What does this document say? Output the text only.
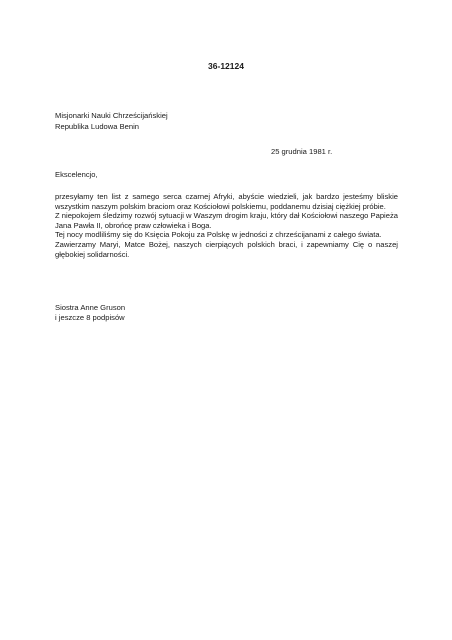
36-12124
Misjonarki Nauki Chrześcijańskiej
Republika Ludowa Benin
25 grudnia 1981 r.
Ekscelencjo,

przesyłamy ten list z samego serca czarnej Afryki, abyście wiedzieli, jak bardzo jesteśmy bliskie wszystkim naszym polskim braciom oraz Kościołowi polskiemu, poddanemu dzisiaj ciężkiej próbie.

Z niepokojem śledzimy rozwój sytuacji w Waszym drogim kraju, który dał Kościołowi naszego Papieża Jana Pawła II, obrońcę praw człowieka i Boga.

Tej nocy modliliśmy się do Księcia Pokoju za Polskę w jedności z chrześcijanami z całego świata.

Zawierzamy Maryi, Matce Bożej, naszych cierpiących polskich braci, i zapewniamy Cię o naszej głębokiej solidarności.

Siostra Anne Gruson
i jeszcze 8 podpisów
